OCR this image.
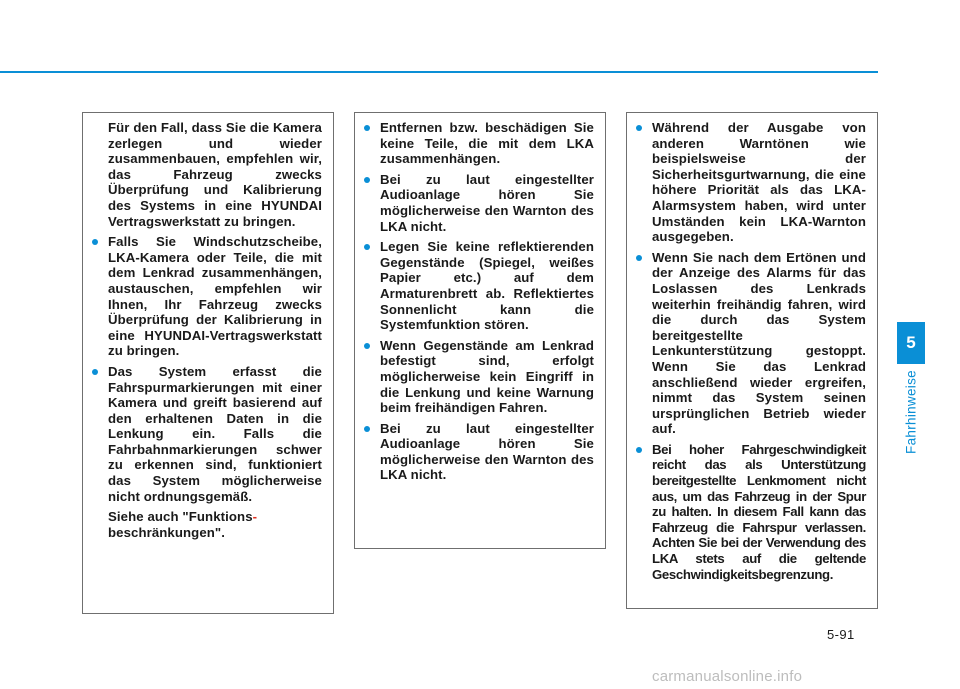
Für den Fall, dass Sie die Kamera zerlegen und wieder zusammenbauen, empfehlen wir, das Fahrzeug zwecks Überprüfung und Kalibrierung des Systems in eine HYUNDAI Vertragswerkstatt zu bringen.
Falls Sie Windschutzscheibe, LKA-Kamera oder Teile, die mit dem Lenkrad zusammenhängen, austauschen, empfehlen wir Ihnen, Ihr Fahrzeug zwecks Überprüfung der Kalibrierung in eine HYUNDAI-Vertragswerkstatt zu bringen.
Das System erfasst die Fahrspurmarkierungen mit einer Kamera und greift basierend auf den erhaltenen Daten in die Lenkung ein. Falls die Fahrbahnmarkierungen schwer zu erkennen sind, funktioniert das System möglicherweise nicht ordnungsgemäß.
Siehe auch "Funktions-
beschränkungen".
Entfernen bzw. beschädigen Sie keine Teile, die mit dem LKA zusammenhängen.
Bei zu laut eingestellter Audioanlage hören Sie möglicherweise den Warnton des LKA nicht.
Legen Sie keine reflektierenden Gegenstände (Spiegel, weißes Papier etc.) auf dem Armaturenbrett ab. Reflektiertes Sonnenlicht kann die Systemfunktion stören.
Wenn Gegenstände am Lenkrad befestigt sind, erfolgt möglicherweise kein Eingriff in die Lenkung und keine Warnung beim freihändigen Fahren.
Bei zu laut eingestellter Audioanlage hören Sie möglicherweise den Warnton des LKA nicht.
Während der Ausgabe von anderen Warntönen wie beispielsweise der Sicherheitsgurtwarnung, die eine höhere Priorität als das LKA-Alarmsystem haben, wird unter Umständen kein LKA-Warnton ausgegeben.
Wenn Sie nach dem Ertönen und der Anzeige des Alarms für das Loslassen des Lenkrads weiterhin freihändig fahren, wird die durch das System bereitgestellte Lenkunterstützung gestoppt. Wenn Sie das Lenkrad anschließend wieder ergreifen, nimmt das System seinen ursprünglichen Betrieb wieder auf.
Bei hoher Fahrgeschwindigkeit reicht das als Unterstützung bereitgestellte Lenkmoment nicht aus, um das Fahrzeug in der Spur zu halten. In diesem Fall kann das Fahrzeug die Fahrspur verlassen. Achten Sie bei der Verwendung des LKA stets auf die geltende Geschwindigkeitsbegrenzung.
5
Fahrhinweise
5-91
carmanualsonline.info
